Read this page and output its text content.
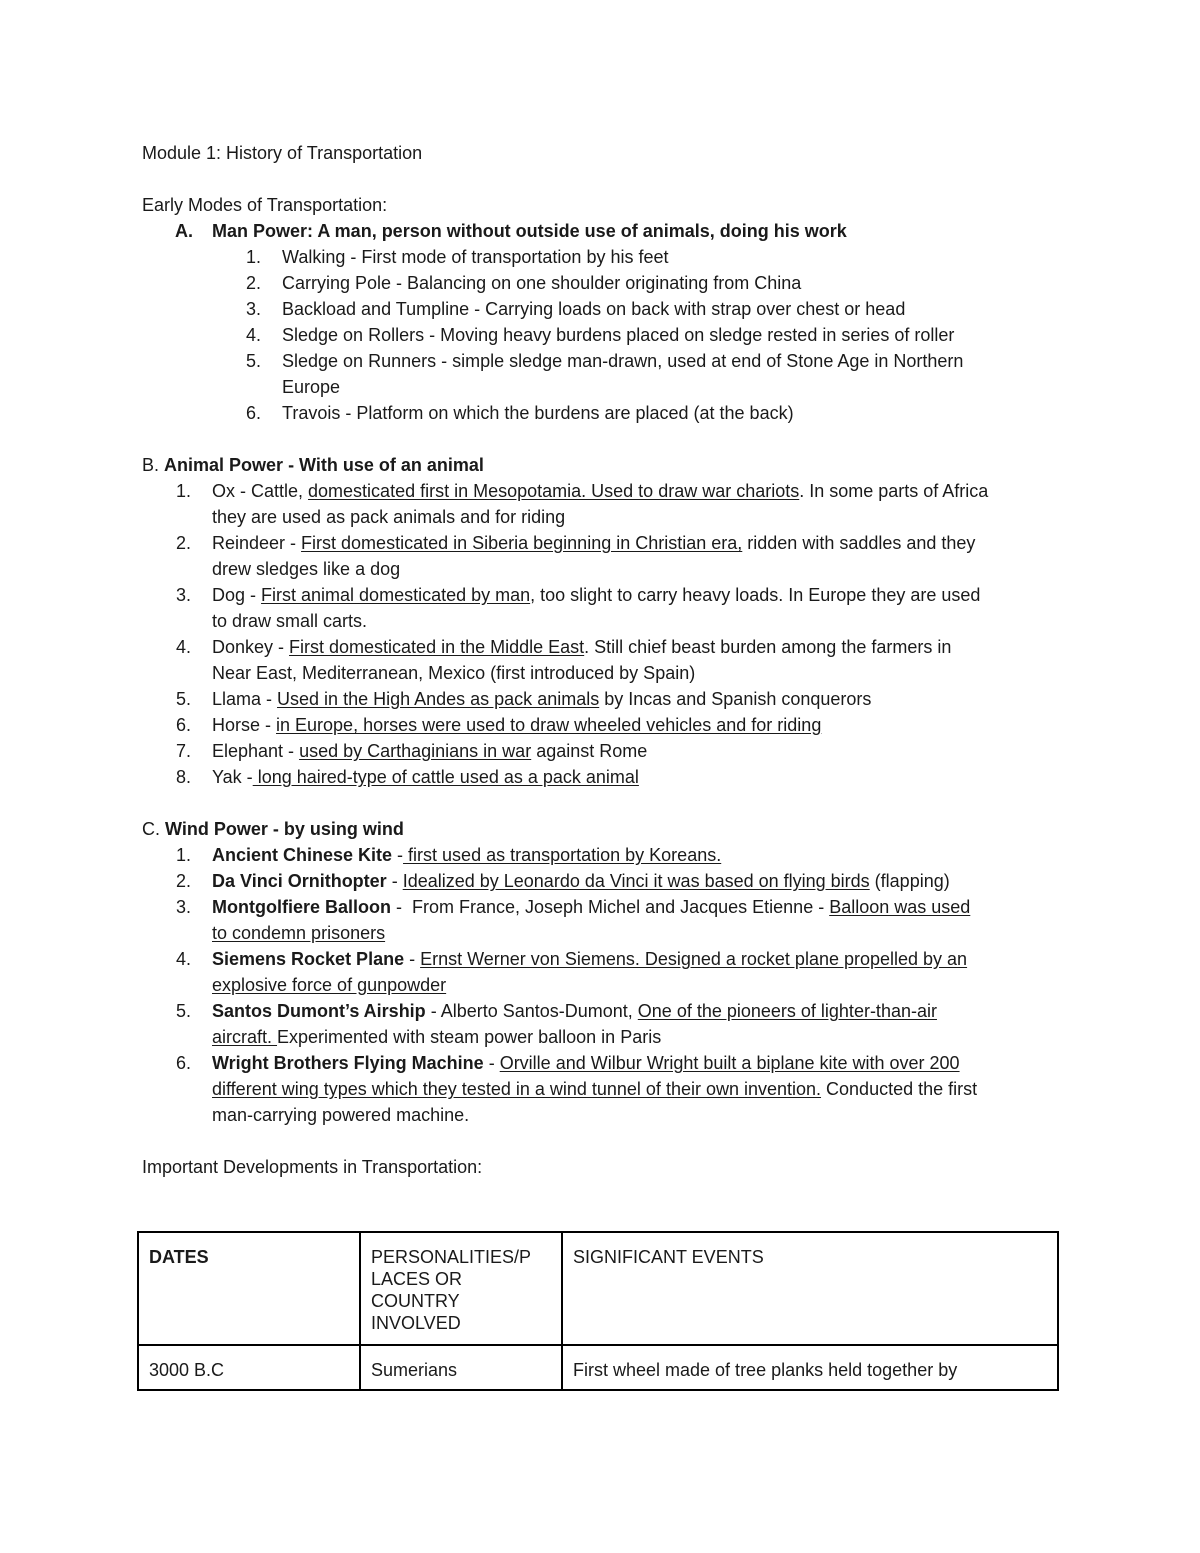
Module 1: History of Transportation
Early Modes of Transportation:
A. Man Power: A man, person without outside use of animals, doing his work
1. Walking - First mode of transportation by his feet
2. Carrying Pole - Balancing on one shoulder originating from China
3. Backload and Tumpline - Carrying loads on back with strap over chest or head
4. Sledge on Rollers - Moving heavy burdens placed on sledge rested in series of roller
5. Sledge on Runners - simple sledge man-drawn, used at end of Stone Age in Northern
Europe
6. Travois - Platform on which the burdens are placed (at the back)
B. Animal Power - With use of an animal
1. Ox - Cattle, domesticated first in Mesopotamia. Used to draw war chariots. In some parts of Africa
they are used as pack animals and for riding
2. Reindeer - First domesticated in Siberia beginning in Christian era, ridden with saddles and they
drew sledges like a dog
3. Dog - First animal domesticated by man, too slight to carry heavy loads. In Europe they are used
to draw small carts.
4. Donkey - First domesticated in the Middle East. Still chief beast burden among the farmers in
Near East, Mediterranean, Mexico (first introduced by Spain)
5. Llama - Used in the High Andes as pack animals by Incas and Spanish conquerors
6. Horse - in Europe, horses were used to draw wheeled vehicles and for riding
7. Elephant - used by Carthaginians in war against Rome
8. Yak - long haired-type of cattle used as a pack animal
C. Wind Power - by using wind
1. Ancient Chinese Kite - first used as transportation by Koreans.
2. Da Vinci Ornithopter - Idealized by Leonardo da Vinci it was based on flying birds (flapping)
3. Montgolfiere Balloon -  From France, Joseph Michel and Jacques Etienne - Balloon was used
to condemn prisoners
4. Siemens Rocket Plane - Ernst Werner von Siemens. Designed a rocket plane propelled by an
explosive force of gunpowder
5. Santos Dumont’s Airship - Alberto Santos-Dumont, One of the pioneers of lighter-than-air
aircraft. Experimented with steam power balloon in Paris
6. Wright Brothers Flying Machine - Orville and Wilbur Wright built a biplane kite with over 200
different wing types which they tested in a wind tunnel of their own invention. Conducted the first
man-carrying powered machine.
Important Developments in Transportation:
DATES	PERSONALITIES/P
LACES OR
COUNTRY
INVOLVED	SIGNIFICANT EVENTS
3000 B.C	Sumerians	First wheel made of tree planks held together by
